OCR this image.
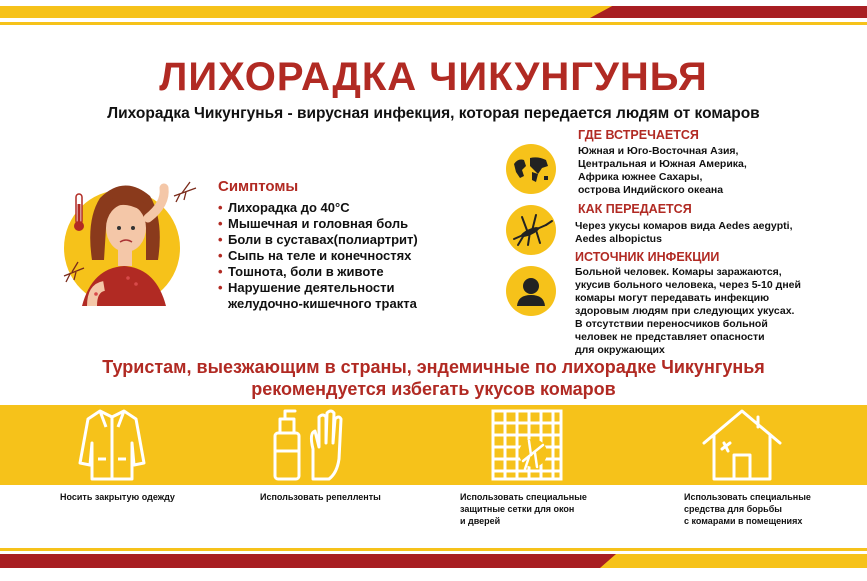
ЛИХОРАДКА ЧИКУНГУНЬЯ
Лихорадка Чикунгунья - вирусная инфекция, которая передается людям от комаров
Симптомы
• Лихорадка до 40°С
• Мышечная и головная боль
• Боли в суставах(полиартрит)
• Сыпь на теле и конечностях
• Тошнота, боли в животе
• Нарушение деятельности
желудочно-кишечного тракта
ГДЕ ВСТРЕЧАЕТСЯ
Южная и Юго-Восточная Азия,
Центральная и Южная Америка,
Африка южнее Сахары,
острова Индийского океана
КАК ПЕРЕДАЕТСЯ
Через укусы комаров вида Aedes aegypti,
Aedes albopictus
ИСТОЧНИК ИНФЕКЦИИ
Больной человек. Комары заражаются,
укусив больного человека, через 5-10 дней
комары могут передавать инфекцию
здоровым людям при следующих укусах.
В отсутствии переносчиков больной
человек не представляет опасности
для окружающих
Туристам, выезжающим в страны, эндемичные по лихорадке Чикунгунья
рекомендуется избегать укусов комаров
Носить закрытую одежду	Использовать репелленты	Использовать специальные
защитные сетки для окон
и дверей
Использовать специальные
средства для борьбы
с комарами в помещениях
